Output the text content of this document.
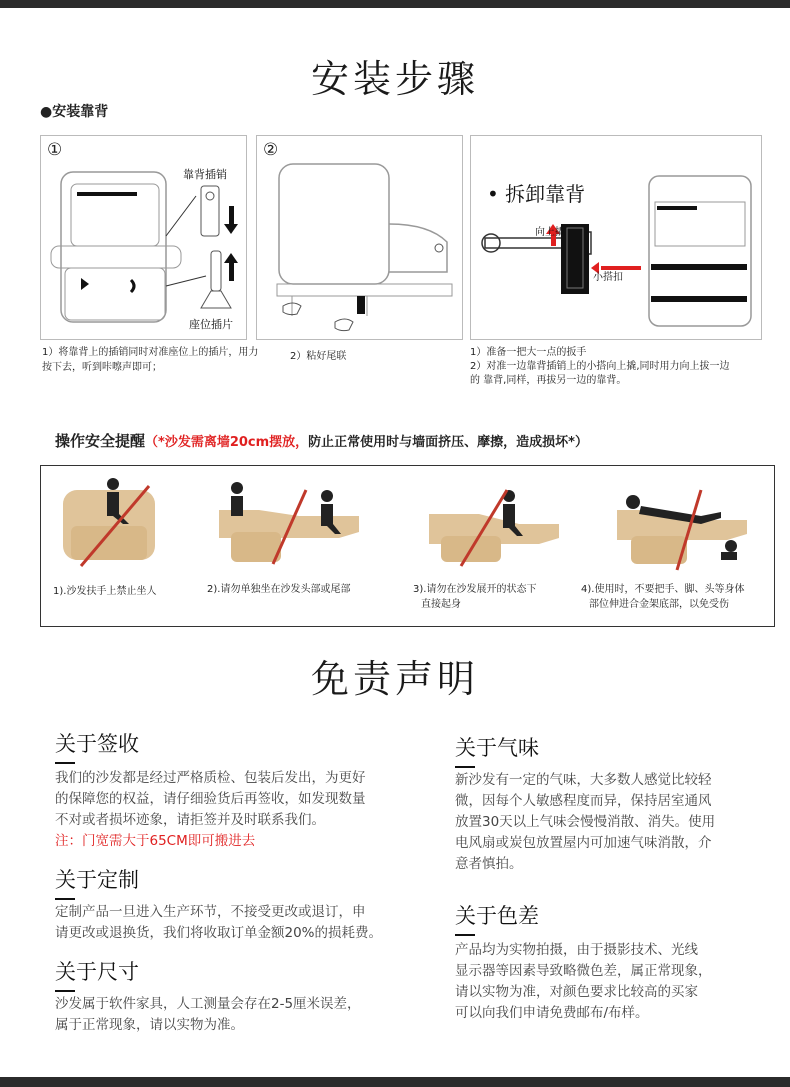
安装步骤
●安装靠背
①
靠背插销
座位插片
②
• 拆卸靠背
向上撬
小搭扣
1）将靠背上的插销同时对准座位上的插片，用力按下去，听到咔嚓声即可；
2）粘好尾联	1）准备一把大一点的扳手
2）对准一边靠背插销上的小搭向上撬,同时用力向上拔一边
的 靠背,同样，再拔另一边的靠背。
操作安全提醒（*沙发需离墙20cm摆放，防止正常使用时与墙面挤压、摩擦，造成损坏*）
1).沙发扶手上禁止坐人	2).请勿单独坐在沙发头部或尾部	3).请勿在沙发展开的状态下
直接起身
4).使用时，不要把手、脚、头等身体
部位伸进合金架底部，以免受伤
免责声明
关于签收
我们的沙发都是经过严格质检、包装后发出，为更好
的保障您的权益，请仔细验货后再签收，如发现数量
不对或者损坏迹象，请拒签并及时联系我们。
注：门宽需大于65CM即可搬进去
关于定制
定制产品一旦进入生产环节，不接受更改或退订，申
请更改或退换货，我们将收取订单金额20%的损耗费。
关于尺寸
沙发属于软件家具，人工测量会存在2-5厘米误差，
属于正常现象，请以实物为准。
关于气味
新沙发有一定的气味，大多数人感觉比较轻
微，因每个人敏感程度而异，保持居室通风
放置30天以上气味会慢慢消散、消失。使用
电风扇或炭包放置屋内可加速气味消散，介
意者慎拍。
关于色差
产品均为实物拍摄，由于摄影技术、光线
显示器等因素导致略微色差，属正常现象，
请以实物为准，对颜色要求比较高的买家
可以向我们申请免费邮布/布样。
